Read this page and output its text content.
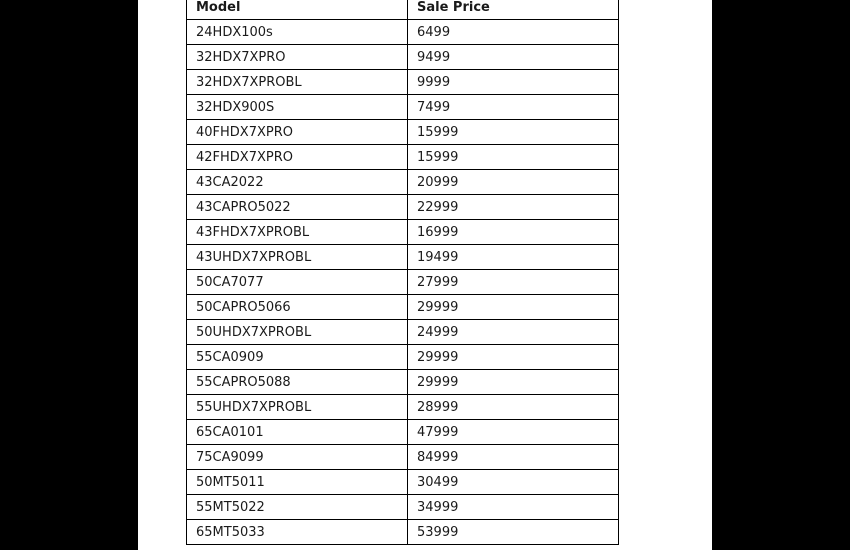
Model	Sale Price
24HDX100s	6499
32HDX7XPRO	9499
32HDX7XPROBL	9999
32HDX900S	7499
40FHDX7XPRO	15999
42FHDX7XPRO	15999
43CA2022	20999
43CAPRO5022	22999
43FHDX7XPROBL	16999
43UHDX7XPROBL	19499
50CA7077	27999
50CAPRO5066	29999
50UHDX7XPROBL	24999
55CA0909	29999
55CAPRO5088	29999
55UHDX7XPROBL	28999
65CA0101	47999
75CA9099	84999
50MT5011	30499
55MT5022	34999
65MT5033	53999
